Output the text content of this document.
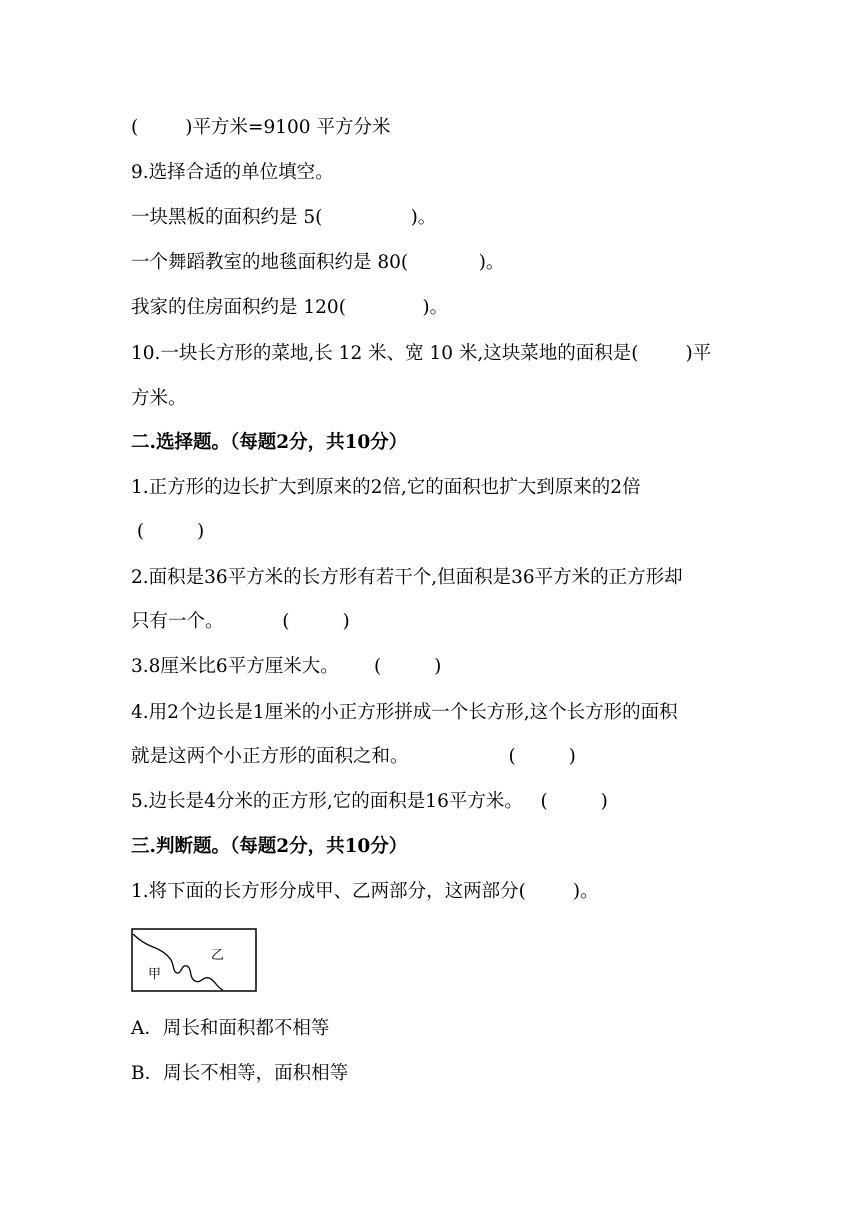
(        )平方米=9100 平方分米

9.选择合适的单位填空。

一块黑板的面积约是 5(               )。

一个舞蹈教室的地毯面积约是 80(            )。

我家的住房面积约是 120(             )。

10.一块长方形的菜地,长 12 米、宽 10 米,这块菜地的面积是(        )平

方米。

二.选择题。（每题2分，共10分）

1.正方形的边长扩大到原来的2倍,它的面积也扩大到原来的2倍

(         )

2.面积是36平方米的长方形有若干个,但面积是36平方米的正方形却

只有一个。          (         )

3.8厘米比6平方厘米大。      (         )

4.用2个边长是1厘米的小正方形拼成一个长方形,这个长方形的面积

就是这两个小正方形的面积之和。                 (         )

5.边长是4分米的正方形,它的面积是16平方米。   (         )

三.判断题。（每题2分，共10分）

1.将下面的长方形分成甲、乙两部分，这两部分(        )。

甲
乙

A．周长和面积都不相等

B．周长不相等，面积相等
